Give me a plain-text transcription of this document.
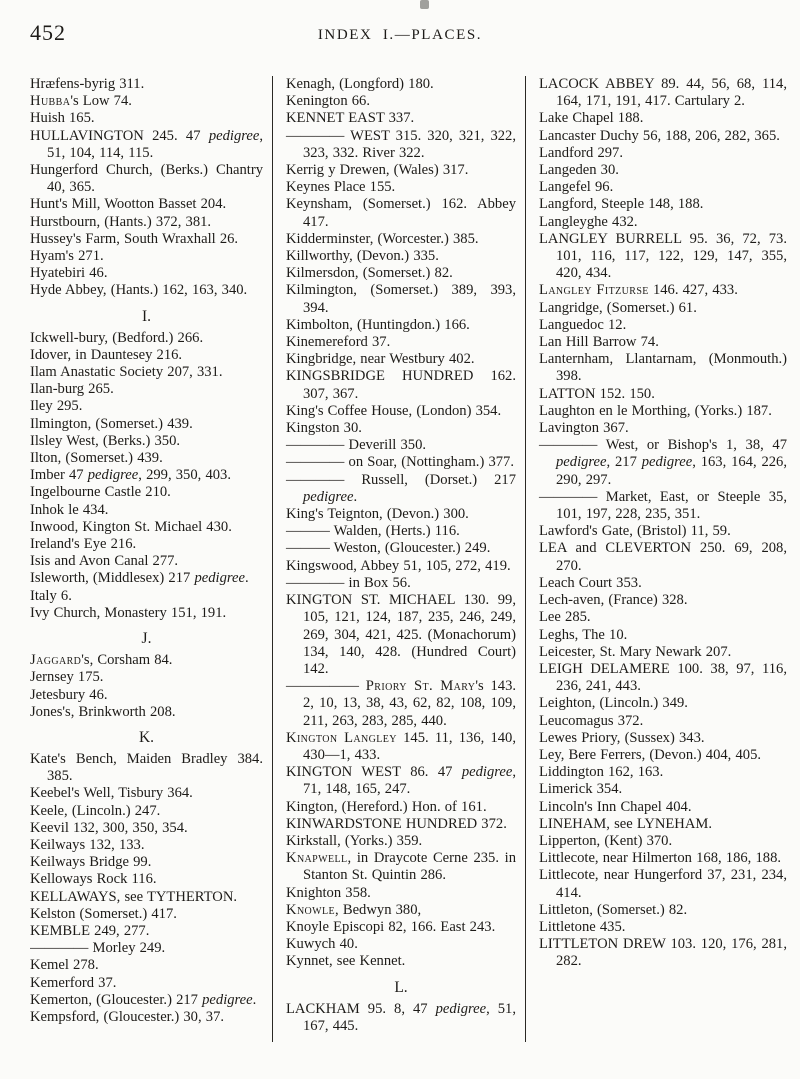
452	INDEX I.—PLACES.

Hræfens-byrig 311.

Hubba's Low 74.

Huish 165.

HULLAVINGTON 245. 47 pedigree, 51, 104, 114, 115.

Hungerford Church, (Berks.) Chantry 40, 365.

Hunt's Mill, Wootton Basset 204.

Hurstbourn, (Hants.) 372, 381.

Hussey's Farm, South Wraxhall 26.

Hyam's 271.

Hyatebiri 46.

Hyde Abbey, (Hants.) 162, 163, 340.

I.

Ickwell-bury, (Bedford.) 266.

Idover, in Dauntesey 216.

Ilam Anastatic Society 207, 331.

Ilan-burg 265.

Iley 295.

Ilmington, (Somerset.) 439.

Ilsley West, (Berks.) 350.

Ilton, (Somerset.) 439.

Imber 47 pedigree, 299, 350, 403.

Ingelbourne Castle 210.

Inhok le 434.

Inwood, Kington St. Michael 430.

Ireland's Eye 216.

Isis and Avon Canal 277.

Isleworth, (Middlesex) 217 pedigree.

Italy 6.

Ivy Church, Monastery 151, 191.

J.

Jaggard's, Corsham 84.

Jernsey 175.

Jetesbury 46.

Jones's, Brinkworth 208.

K.

Kate's Bench, Maiden Bradley 384. 385.

Keebel's Well, Tisbury 364.

Keele, (Lincoln.) 247.

Keevil 132, 300, 350, 354.

Keilways 132, 133.

Keilways Bridge 99.

Kelloways Rock 116.

KELLAWAYS, see TYTHERTON.

Kelston (Somerset.) 417.

KEMBLE 249, 277.

———— Morley 249.

Kemel 278.

Kemerford 37.

Kemerton, (Gloucester.) 217 pedigree.

Kempsford, (Gloucester.) 30, 37.

Kenagh, (Longford) 180.

Kenington 66.

KENNET EAST 337.

———— WEST 315. 320, 321, 322, 323, 332. River 322.

Kerrig y Drewen, (Wales) 317.

Keynes Place 155.

Keynsham, (Somerset.) 162. Abbey 417.

Kidderminster, (Worcester.) 385.

Killworthy, (Devon.) 335.

Kilmersdon, (Somerset.) 82.

Kilmington, (Somerset.) 389, 393, 394.

Kimbolton, (Huntingdon.) 166.

Kinemereford 37.

Kingbridge, near Westbury 402.

KINGSBRIDGE HUNDRED 162. 307, 367.

King's Coffee House, (London) 354.

Kingston 30.

———— Deverill 350.

———— on Soar, (Nottingham.) 377.

———— Russell, (Dorset.) 217 pedigree.

King's Teignton, (Devon.) 300.

——— Walden, (Herts.) 116.

——— Weston, (Gloucester.) 249.

Kingswood, Abbey 51, 105, 272, 419.

———— in Box 56.

KINGTON ST. MICHAEL 130. 99, 105, 121, 124, 187, 235, 246, 249, 269, 304, 421, 425. (Monachorum) 134, 140, 428. (Hundred Court) 142.

————— Priory St. Mary's 143. 2, 10, 13, 38, 43, 62, 82, 108, 109, 211, 263, 283, 285, 440.

Kington Langley 145. 11, 136, 140, 430—1, 433.

KINGTON WEST 86. 47 pedigree, 71, 148, 165, 247.

Kington, (Hereford.) Hon. of 161.

KINWARDSTONE HUNDRED 372.

Kirkstall, (Yorks.) 359.

Knapwell, in Draycote Cerne 235. in Stanton St. Quintin 286.

Knighton 358.

Knowle, Bedwyn 380,

Knoyle Episcopi 82, 166. East 243.

Kuwych 40.

Kynnet, see Kennet.

L.

LACKHAM 95. 8, 47 pedigree, 51, 167, 445.

LACOCK ABBEY 89. 44, 56, 68, 114, 164, 171, 191, 417. Cartulary 2.

Lake Chapel 188.

Lancaster Duchy 56, 188, 206, 282, 365.

Landford 297.

Langeden 30.

Langefel 96.

Langford, Steeple 148, 188.

Langleyghe 432.

LANGLEY BURRELL 95. 36, 72, 73. 101, 116, 117, 122, 129, 147, 355, 420, 434.

Langley Fitzurse 146. 427, 433.

Langridge, (Somerset.) 61.

Languedoc 12.

Lan Hill Barrow 74.

Lanternham, Llantarnam, (Monmouth.) 398.

LATTON 152. 150.

Laughton en le Morthing, (Yorks.) 187.

Lavington 367.

———— West, or Bishop's 1, 38, 47 pedigree, 217 pedigree, 163, 164, 226, 290, 297.

———— Market, East, or Steeple 35, 101, 197, 228, 235, 351.

Lawford's Gate, (Bristol) 11, 59.

LEA and CLEVERTON 250. 69, 208, 270.

Leach Court 353.

Lech-aven, (France) 328.

Lee 285.

Leghs, The 10.

Leicester, St. Mary Newark 207.

LEIGH DELAMERE 100. 38, 97, 116, 236, 241, 443.

Leighton, (Lincoln.) 349.

Leucomagus 372.

Lewes Priory, (Sussex) 343.

Ley, Bere Ferrers, (Devon.) 404, 405.

Liddington 162, 163.

Limerick 354.

Lincoln's Inn Chapel 404.

LINEHAM, see LYNEHAM.

Lipperton, (Kent) 370.

Littlecote, near Hilmerton 168, 186, 188.

Littlecote, near Hungerford 37, 231, 234, 414.

Littleton, (Somerset.) 82.

Littletone 435.

LITTLETON DREW 103. 120, 176, 281, 282.
